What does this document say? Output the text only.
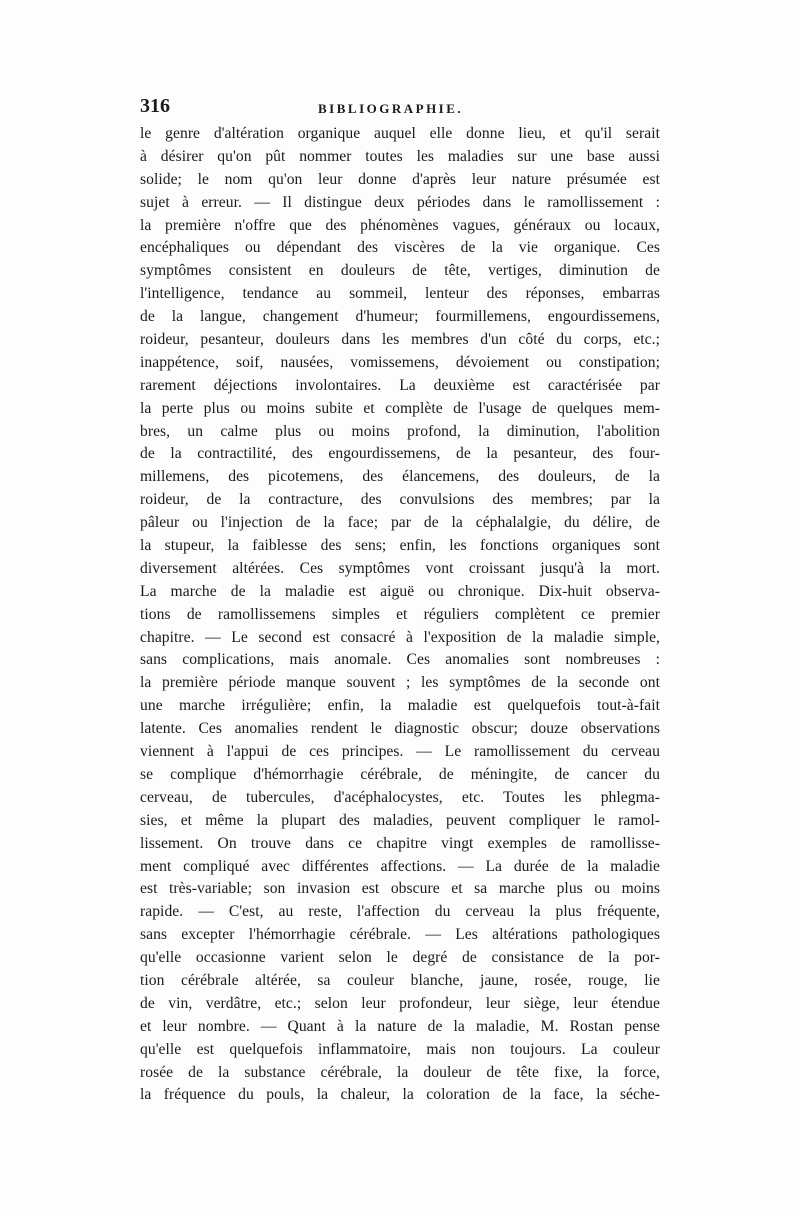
316	BIBLIOGRAPHIE.
le genre d'altération organique auquel elle donne lieu, et qu'il serait
à désirer qu'on pût nommer toutes les maladies sur une base aussi
solide; le nom qu'on leur donne d'après leur nature présumée est
sujet à erreur. — Il distingue deux périodes dans le ramollissement :
la première n'offre que des phénomènes vagues, généraux ou locaux,
encéphaliques ou dépendant des viscères de la vie organique. Ces
symptômes consistent en douleurs de tête, vertiges, diminution de
l'intelligence, tendance au sommeil, lenteur des réponses, embarras
de la langue, changement d'humeur; fourmillemens, engourdissemens,
roideur, pesanteur, douleurs dans les membres d'un côté du corps, etc.;
inappétence, soif, nausées, vomissemens, dévoiement ou constipation;
rarement déjections involontaires. La deuxième est caractérisée par
la perte plus ou moins subite et complète de l'usage de quelques mem-
bres, un calme plus ou moins profond, la diminution, l'abolition
de la contractilité, des engourdissemens, de la pesanteur, des four-
millemens, des picotemens, des élancemens, des douleurs, de la
roideur, de la contracture, des convulsions des membres; par la
pâleur ou l'injection de la face; par de la céphalalgie, du délire, de
la stupeur, la faiblesse des sens; enfin, les fonctions organiques sont
diversement altérées. Ces symptômes vont croissant jusqu'à la mort.
La marche de la maladie est aiguë ou chronique. Dix-huit observa-
tions de ramollissemens simples et réguliers complètent ce premier
chapitre. — Le second est consacré à l'exposition de la maladie simple,
sans complications, mais anomale. Ces anomalies sont nombreuses :
la première période manque souvent ; les symptômes de la seconde ont
une marche irrégulière; enfin, la maladie est quelquefois tout-à-fait
latente. Ces anomalies rendent le diagnostic obscur; douze observations
viennent à l'appui de ces principes. — Le ramollissement du cerveau
se complique d'hémorrhagie cérébrale, de méningite, de cancer du
cerveau, de tubercules, d'acéphalocystes, etc. Toutes les phlegma-
sies, et même la plupart des maladies, peuvent compliquer le ramol-
lissement. On trouve dans ce chapitre vingt exemples de ramollisse-
ment compliqué avec différentes affections. — La durée de la maladie
est très-variable; son invasion est obscure et sa marche plus ou moins
rapide. — C'est, au reste, l'affection du cerveau la plus fréquente,
sans excepter l'hémorrhagie cérébrale. — Les altérations pathologiques
qu'elle occasionne varient selon le degré de consistance de la por-
tion cérébrale altérée, sa couleur blanche, jaune, rosée, rouge, lie
de vin, verdâtre, etc.; selon leur profondeur, leur siège, leur étendue
et leur nombre. — Quant à la nature de la maladie, M. Rostan pense
qu'elle est quelquefois inflammatoire, mais non toujours. La couleur
rosée de la substance cérébrale, la douleur de tête fixe, la force,
la fréquence du pouls, la chaleur, la coloration de la face, la séche-
